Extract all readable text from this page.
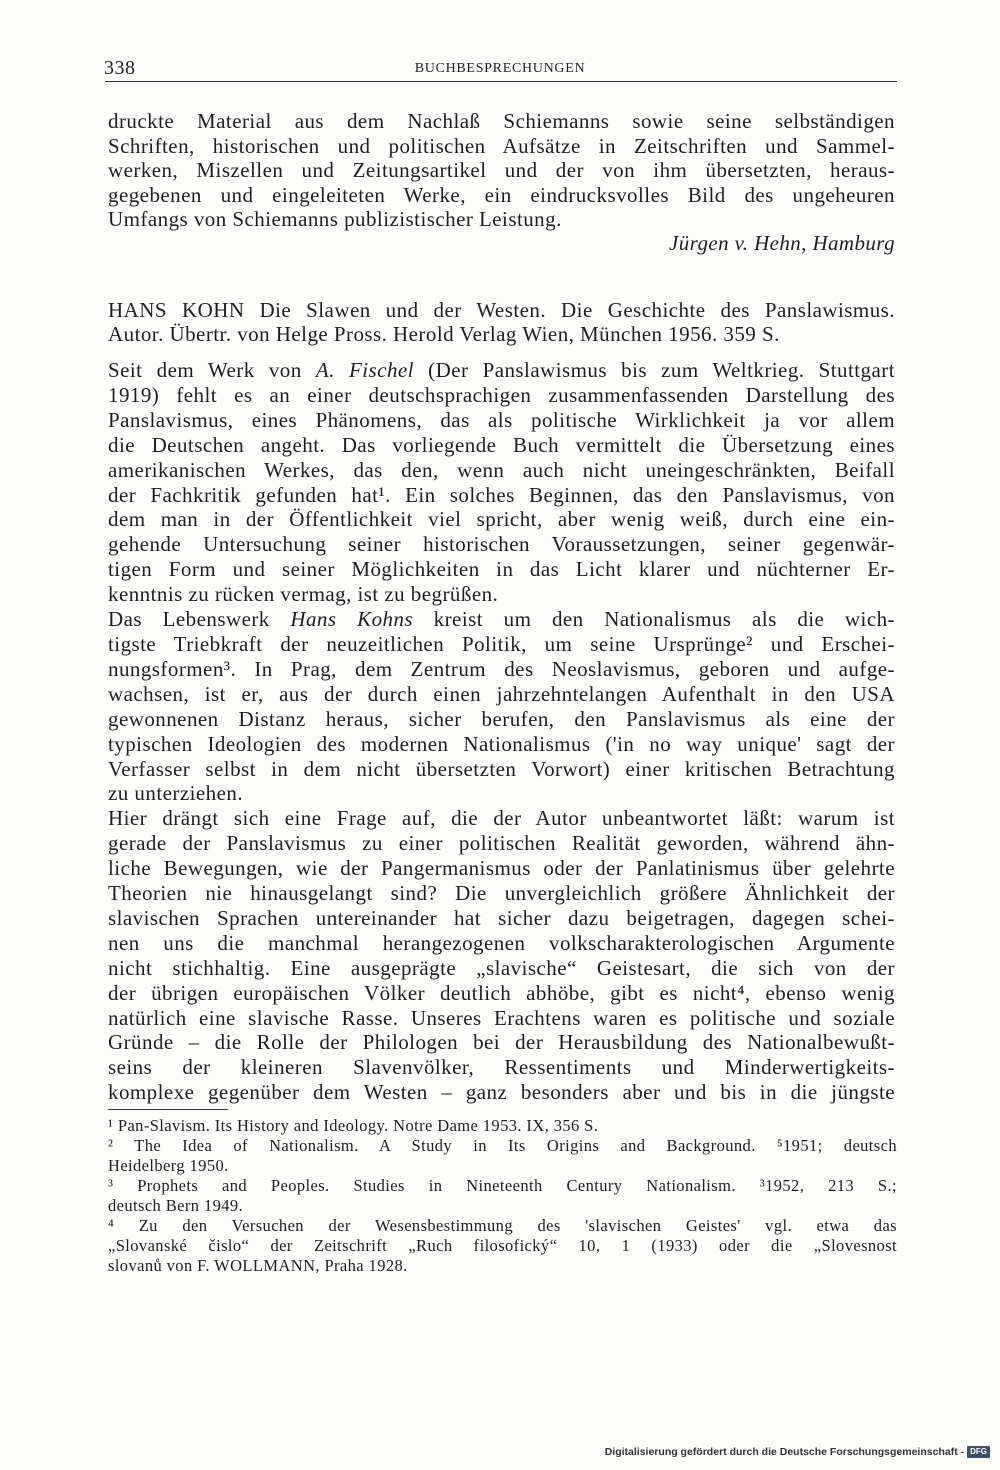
338	BUCHBESPRECHUNGEN
druckte Material aus dem Nachlaß Schiemanns sowie seine selbständigen
Schriften, historischen und politischen Aufsätze in Zeitschriften und Sammel-
werken, Miszellen und Zeitungsartikel und der von ihm übersetzten, heraus-
gegebenen und eingeleiteten Werke, ein eindrucksvolles Bild des ungeheuren
Umfangs von Schiemanns publizistischer Leistung.
Jürgen v. Hehn, Hamburg
HANS KOHN Die Slawen und der Westen. Die Geschichte des Panslawismus.
Autor. Übertr. von Helge Pross. Herold Verlag Wien, München 1956. 359 S.
Seit dem Werk von A. Fischel (Der Panslawismus bis zum Weltkrieg. Stuttgart
1919) fehlt es an einer deutschsprachigen zusammenfassenden Darstellung des
Panslavismus, eines Phänomens, das als politische Wirklichkeit ja vor allem
die Deutschen angeht. Das vorliegende Buch vermittelt die Übersetzung eines
amerikanischen Werkes, das den, wenn auch nicht uneingeschränkten, Beifall
der Fachkritik gefunden hat¹. Ein solches Beginnen, das den Panslavismus, von
dem man in der Öffentlichkeit viel spricht, aber wenig weiß, durch eine ein-
gehende Untersuchung seiner historischen Voraussetzungen, seiner gegenwär-
tigen Form und seiner Möglichkeiten in das Licht klarer und nüchterner Er-
kenntnis zu rücken vermag, ist zu begrüßen.
Das Lebenswerk Hans Kohns kreist um den Nationalismus als die wich-
tigste Triebkraft der neuzeitlichen Politik, um seine Ursprünge² und Erschei-
nungsformen³. In Prag, dem Zentrum des Neoslavismus, geboren und aufge-
wachsen, ist er, aus der durch einen jahrzehntelangen Aufenthalt in den USA
gewonnenen Distanz heraus, sicher berufen, den Panslavismus als eine der
typischen Ideologien des modernen Nationalismus ('in no way unique' sagt der
Verfasser selbst in dem nicht übersetzten Vorwort) einer kritischen Betrachtung
zu unterziehen.
Hier drängt sich eine Frage auf, die der Autor unbeantwortet läßt: warum ist
gerade der Panslavismus zu einer politischen Realität geworden, während ähn-
liche Bewegungen, wie der Pangermanismus oder der Panlatinismus über gelehrte
Theorien nie hinausgelangt sind? Die unvergleichlich größere Ähnlichkeit der
slavischen Sprachen untereinander hat sicher dazu beigetragen, dagegen schei-
nen uns die manchmal herangezogenen volkscharakterologischen Argumente
nicht stichhaltig. Eine ausgeprägte „slavische“ Geistesart, die sich von der
der übrigen europäischen Völker deutlich abhöbe, gibt es nicht⁴, ebenso wenig
natürlich eine slavische Rasse. Unseres Erachtens waren es politische und soziale
Gründe – die Rolle der Philologen bei der Herausbildung des Nationalbewußt-
seins der kleineren Slavenvölker, Ressentiments und Minderwertigkeits-
komplexe gegenüber dem Westen – ganz besonders aber und bis in die jüngste
¹ Pan-Slavism. Its History and Ideology. Notre Dame 1953. IX, 356 S.
² The Idea of Nationalism. A Study in Its Origins and Background. ⁵1951; deutsch
Heidelberg 1950.
³ Prophets and Peoples. Studies in Nineteenth Century Nationalism. ³1952, 213 S.;
deutsch Bern 1949.
⁴ Zu den Versuchen der Wesensbestimmung des 'slavischen Geistes' vgl. etwa das
„Slovanské čislo“ der Zeitschrift „Ruch filosofický“ 10, 1 (1933) oder die „Slovesnost
slovanů von F. WOLLMANN, Praha 1928.
Digitalisierung gefördert durch die Deutsche Forschungsgemeinschaft - DFG
